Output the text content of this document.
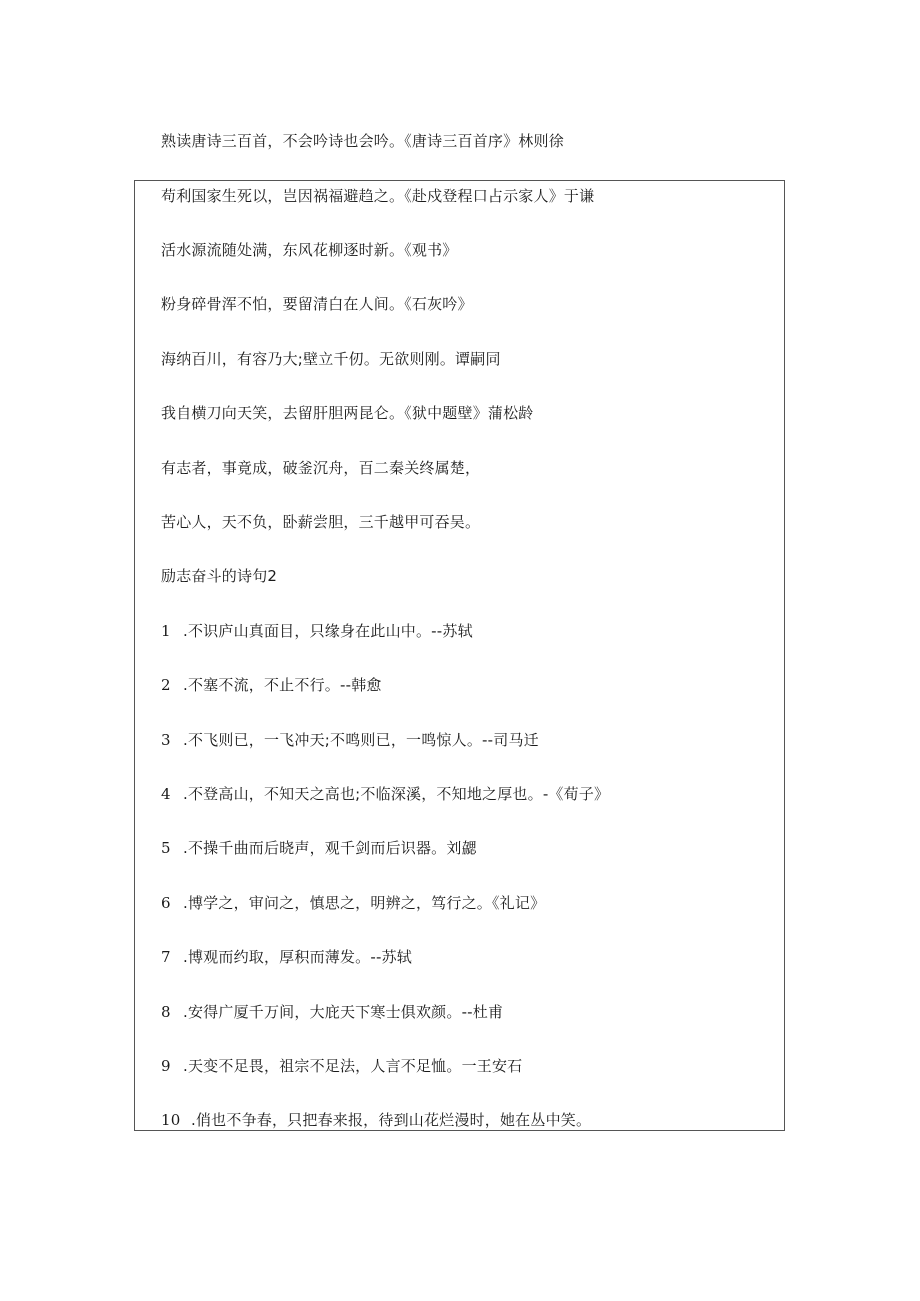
熟读唐诗三百首，不会吟诗也会吟。《唐诗三百首序》林则徐
苟利国家生死以，岂因祸福避趋之。《赴戍登程口占示家人》于谦
活水源流随处满，东风花柳逐时新。《观书》
粉身碎骨浑不怕，要留清白在人间。《石灰吟》
海纳百川，有容乃大;壁立千仞。无欲则刚。谭嗣同
我自横刀向天笑，去留肝胆两昆仑。《狱中题壁》蒲松龄
有志者，事竟成，破釜沉舟，百二秦关终属楚，
苦心人，天不负，卧薪尝胆，三千越甲可吞吴。
励志奋斗的诗句2
1 .不识庐山真面目，只缘身在此山中。--苏轼
2 .不塞不流，不止不行。--韩愈
3 .不飞则已，一飞冲天;不鸣则已，一鸣惊人。--司马迁
4 .不登高山，不知天之高也;不临深溪，不知地之厚也。-《荀子》
5 .不操千曲而后晓声，观千剑而后识器。刘勰
6 .博学之，审问之，慎思之，明辨之，笃行之。《礼记》
7 .博观而约取，厚积而薄发。--苏轼
8 .安得广厦千万间，大庇天下寒士俱欢颜。--杜甫
9 .天变不足畏，祖宗不足法，人言不足恤。一王安石
10 .俏也不争春，只把春来报，待到山花烂漫时，她在丛中笑。
